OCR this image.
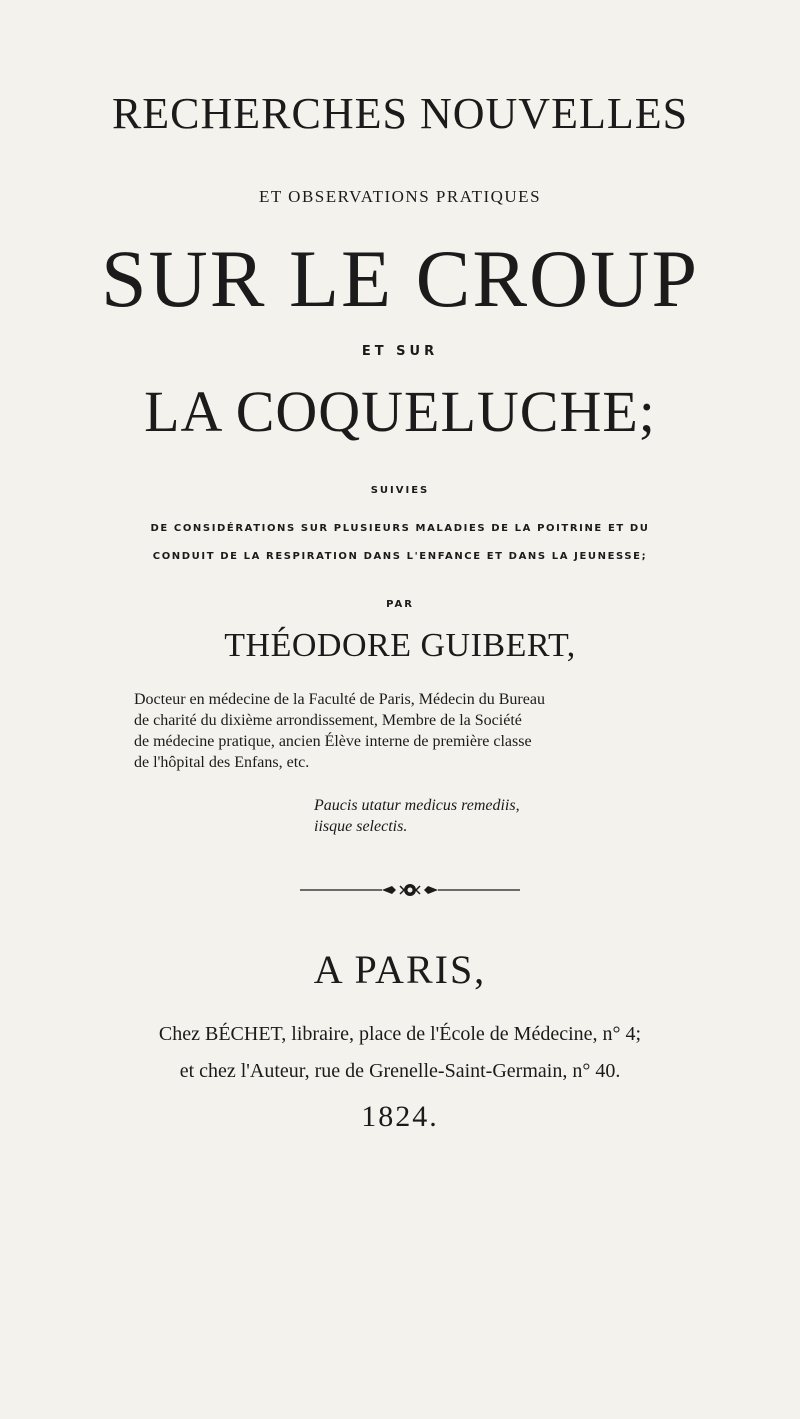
RECHERCHES NOUVELLES
ET OBSERVATIONS PRATIQUES
SUR LE CROUP
ET SUR
LA COQUELUCHE;
SUIVIES
DE CONSIDÉRATIONS SUR PLUSIEURS MALADIES DE LA POITRINE ET DU
CONDUIT DE LA RESPIRATION DANS L'ENFANCE ET DANS LA JEUNESSE;
PAR
THÉODORE GUIBERT,
Docteur en médecine de la Faculté de Paris, Médecin du Bureau
de charité du dixième arrondissement, Membre de la Société
de médecine pratique, ancien Élève interne de première classe
de l'hôpital des Enfans, etc.
Paucis utatur medicus remediis,
iisque selectis.
A PARIS,
Chez BÉCHET, libraire, place de l'École de Médecine, n° 4;
et chez l'Auteur, rue de Grenelle-Saint-Germain, n° 40.
1824.
